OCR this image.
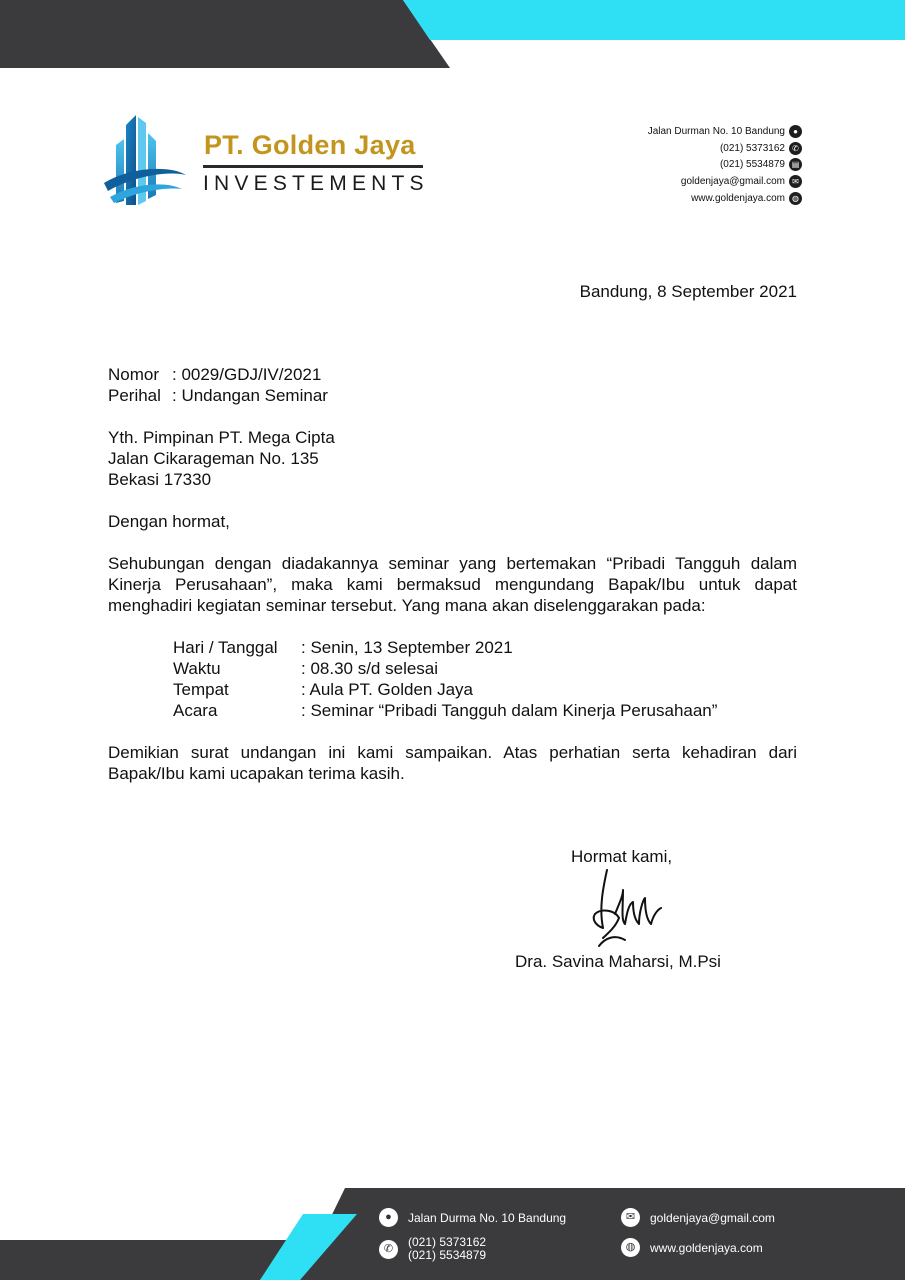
PT. Golden Jaya
INVESTEMENTS
Jalan Durman No. 10 Bandung	●
(021) 5373162 ✆
(021) 5534879 ▤
goldenjaya@gmail.com ✉
www.goldenjaya.com ◍
Bandung, 8 September 2021
Nomor : 0029/GDJ/IV/2021
Perihal : Undangan Seminar
Yth. Pimpinan PT. Mega Cipta
Jalan Cikarageman No. 135
Bekasi 17330
Dengan hormat,
Sehubungan dengan diadakannya seminar yang bertemakan “Pribadi Tangguh dalam Kinerja Perusahaan”, maka kami bermaksud mengundang Bapak/Ibu untuk dapat menghadiri kegiatan seminar tersebut. Yang mana akan diselenggarakan pada:
Hari / Tanggal	: Senin, 13 September 2021
Waktu	: 08.30 s/d selesai
Tempat	: Aula PT. Golden Jaya
Acara	: Seminar “Pribadi Tangguh dalam Kinerja Perusahaan”
Demikian surat undangan ini kami sampaikan. Atas perhatian serta kehadiran dari Bapak/Ibu kami ucapakan terima kasih.
Hormat kami,
Dra. Savina Maharsi, M.Psi
●	Jalan Durma No. 10 Bandung
✆	(021) 5373162
(021) 5534879
✉	goldenjaya@gmail.com
◍	www.goldenjaya.com
